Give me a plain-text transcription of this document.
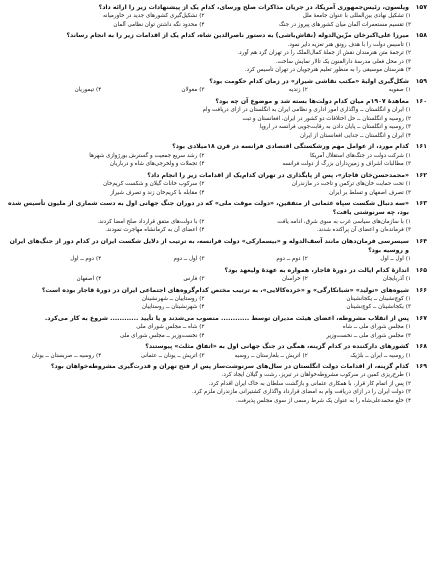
۱۵۷
ویلسون، رئیس‌جمهوری آمریکا، در جریان مذاکرات صلح ورسای، کدام یک از پیشنهادات زیر را ارائه داد؟
۱)
تشکیل نهادی بین‌المللی با عنوان جامعهٔ ملل
۲)
تشکیل‌گیری کشورهای جدید در خاورمیانه
۳)
تقسیم مستعمرات آلمان میان کشورهای پیروز در جنگ
۴)
محدود نگه داشتن توان نظامی آلمان
۱۵۸
میرزا علی‌اکبرخان مزّین‌الدوله (نقاش‌باشی) به دستور ناصرالدین شاه، کدام یک از اقدامات زیر را به انجام رساند؟
۱)
تأسیس دولت را با هدف رونق هنر تعزیه دایر نمود.
۲)
ترجمهٔ متن هنرمندان نقش از جملهٔ کمال‌الملک را در تهران گرد هم آورد.
۳)
در محل فعلی مدرسهٔ دارالفنون یک تالار نمایش ساخت.
۴)
هنرستان موسیقی را به منظور تعلیم هنرجویان در تهران تأسیس کرد.
۱۵۹
شکل‌گیری اولیهٔ «مکتب نقاشی شیراز» در زمان کدام حکومت بود؟
۱)
صفویه
۲)
زندیه
۳)
مغولان
۴)
تیموریان
۱۶۰
معاهدهٔ ۱۹۰۷م میان کدام دولت‌ها بسته شد و موضوع آن چه بود؟
۱)
ایران و انگلستان ــ واگذاری امور اداری و نظامی ایران به انگلستان در ازای دریافت وام
۲)
روسیه و انگلستان ــ حل اختلافات دو کشور در ایران، افغانستان و تبت
۳)
روسیه و انگلستان ــ پایان دادن به رقابت‌جویی فرانسه در اروپا
۴)
ایران و انگلستان ــ جدایی افغانستان از ایران
۱۶۱
کدام مورد، از عوامل مهم ورشکستگی اقتصادی فرانسه در قرن ۱۸میلادی بود؟
۱)
شرکت دولت در جنگ‌های استقلال آمریکا
۲)
رشد سریع جمعیت و گسترش بورژوازی شهرها
۳)
مطالبات اشراف و زمین‌داران بزرگ از دولت فرانسه
۴)
تجملات و ولخرجی‌های شاه و درباریان
۱۶۲
«محمدحسن‌خان قاجار»، پس از پایگذاری در تهران کدام‌یک از اقدامات زیر را انجام داد؟
۱)
تحت حمایت خان‌های ترکمن و تاخت در مازندران
۲)
سرکوب خانات گیلان و شکست کریم‌خان
۳)
تصرف اصفهان و تسلط بر ایران
۴)
مقابله با کریم‌خان زند و تصرف شیراز
۱۶۳
«سه دنبال شکست سپاه عثمانی از متفقین، «دولت موقت ملی» که در دوران جنگ جهانی اول به دست شماری از ملیون تأسیس شده بود، چه سرنوشتی یافت؟
۱)
با سازمان‌های سیاسی غرب به سوی شرق، ادامه یافت
۲)
با دولت‌های متفق قرارداد صلح امضا کردند.
۳)
فرمانده‌ان و اعضای آن پراکنده شدند.
۴)
اعضای آن به کرمانشاه مهاجرت نمودند.
۱۶۴
سیسرسی فرمان‌دهان مانند آسف‌الدوله و «بیسمارکی» دولت فرانسه، به ترتیب از دلایل شکست ایران در کدام دور از جنگ‌های ایران و روسیه بود؟
۱)
اول ــ اول
۲)
دوم ــ دوم
۳)
اول ــ دوم
۴)
دوم ــ اول
۱۶۵
اندازهٔ کدام ایالت در دورهٔ قاجار، همواره به عهدهٔ ولیعهد بود؟
۱)
آذربایجان
۲)
خراسان
۳)
فارس
۴)
اصفهان
۱۶۶
شیوه‌های «تولید» «شبانکارگی» و «خرده‌کالایی»، به ترتیب مختص کدام‌گروه‌های اجتماعی ایران در دورهٔ قاجار بوده است؟
۱)
کوچ‌نشینان ــ یکجانشینان
۲)
روستاییان ــ شهرنشینان
۳)
یکجانشینان ــ کوچ‌نشینان
۴)
شهرنشینان ــ روستاییان
۱۶۷
پس از انقلاب مشروطه، اعضای هیئت مدیران توسط ............ منصوب می‌شدند و یا تأیید ............ شروع به کار می‌کرد.
۱)
مجلس شورای ملی ــ شاه
۲)
شاه ــ مجلس شورای ملی
۳)
مجلس شورای ملی ــ نخست‌وزیر
۴)
نخست‌وزیر ــ مجلس شورای ملی
۱۶۸
کشورهای دارکننده در کدام گزینه، همگی در جنگ جهانی اول به «اتفاق مثلث» پیوستند؟
۱)
روسیه ــ ایران ــ بلژیک
۲)
اتریش ــ بلغارستان ــ روسیه
۳)
اتریش ــ یونان ــ عثمانی
۴)
روسیه ــ صربستان ــ یونان
۱۶۹
کدام گزینه، از اقدامات دولت انگلستان در سال‌های سرنوشت‌ساز پس از فتح تهران و قدرت‌گیری مشروطه‌خواهان بود؟
۱)
طرح‌ریزی کمین در سرکوب مشروطه‌خواهان در تبریز، رشت و گیلان ایجاد کرد.
۲)
پس از اتمام کار قرار، با همکاری عثمانی و بازگشت سلطان به خاک ایران اقدام کرد.
۳)
دولت ایران را در ازای دریافت وام به امضای قرارداد واگذاری کشتیرانی مازندران ملزم کرد.
۴)
خلع محمدعلی‌شاه را به عنوان یک شرط رسمی از سوی مجلس پذیرفت.
